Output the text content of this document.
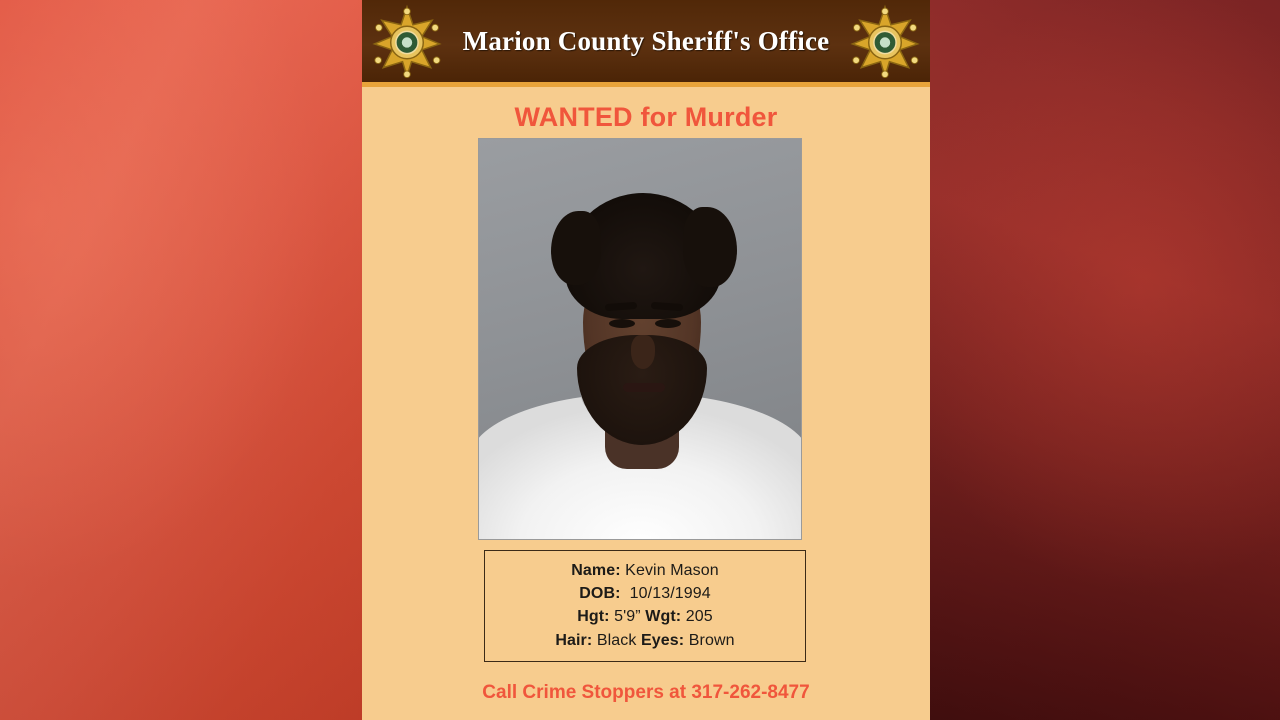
Marion County Sheriff's Office
WANTED for Murder
Name: Kevin Mason
DOB: 10/13/1994
Hgt: 5'9” Wgt: 205
Hair: Black Eyes: Brown
Call Crime Stoppers at 317-262-8477
